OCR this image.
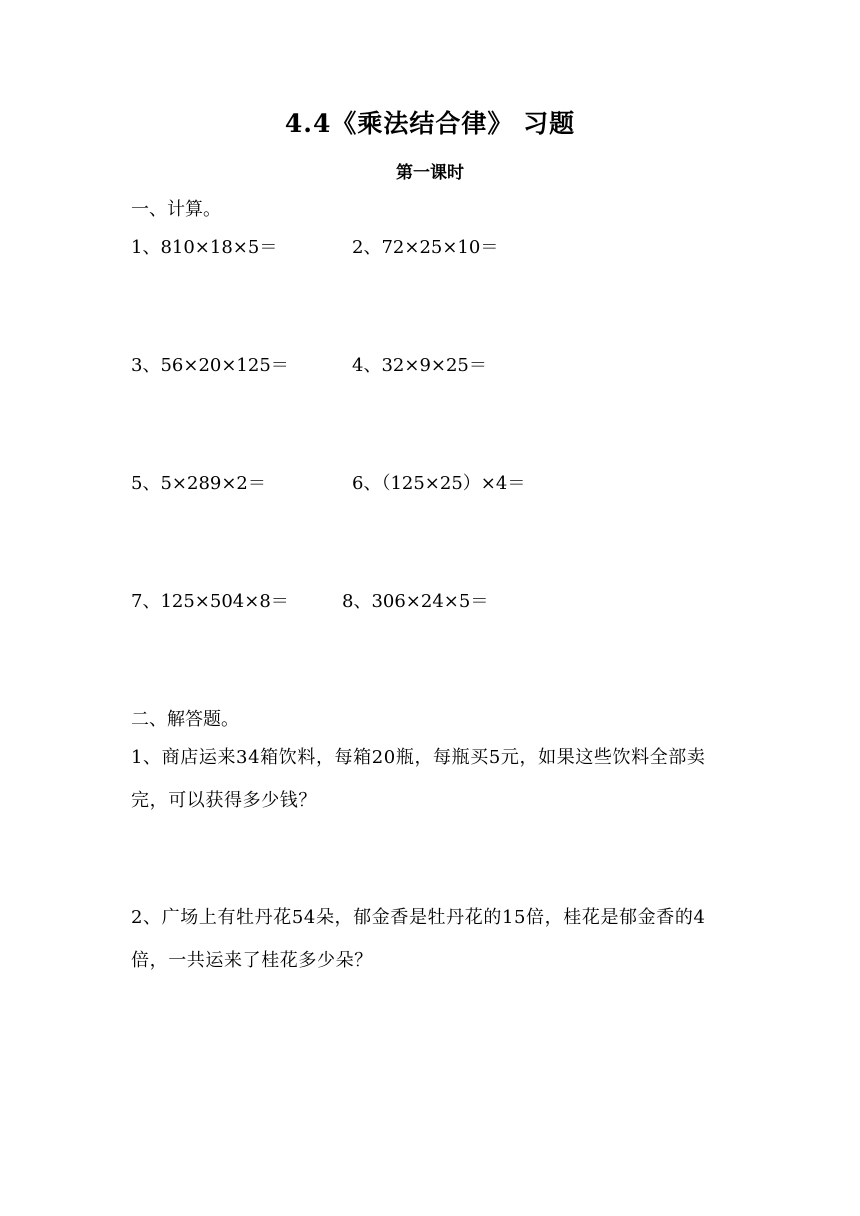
4.4《乘法结合律》 习题
第一课时
一、计算。
1、810×18×5＝	2、72×25×10＝
3、56×20×125＝	4、32×9×25＝
5、5×289×2＝	6、（125×25）×4＝
7、125×504×8＝	8、306×24×5＝
二、解答题。
1、商店运来34箱饮料，每箱20瓶，每瓶买5元，如果这些饮料全部卖完，可以获得多少钱？
2、广场上有牡丹花54朵，郁金香是牡丹花的15倍，桂花是郁金香的4倍，一共运来了桂花多少朵？
